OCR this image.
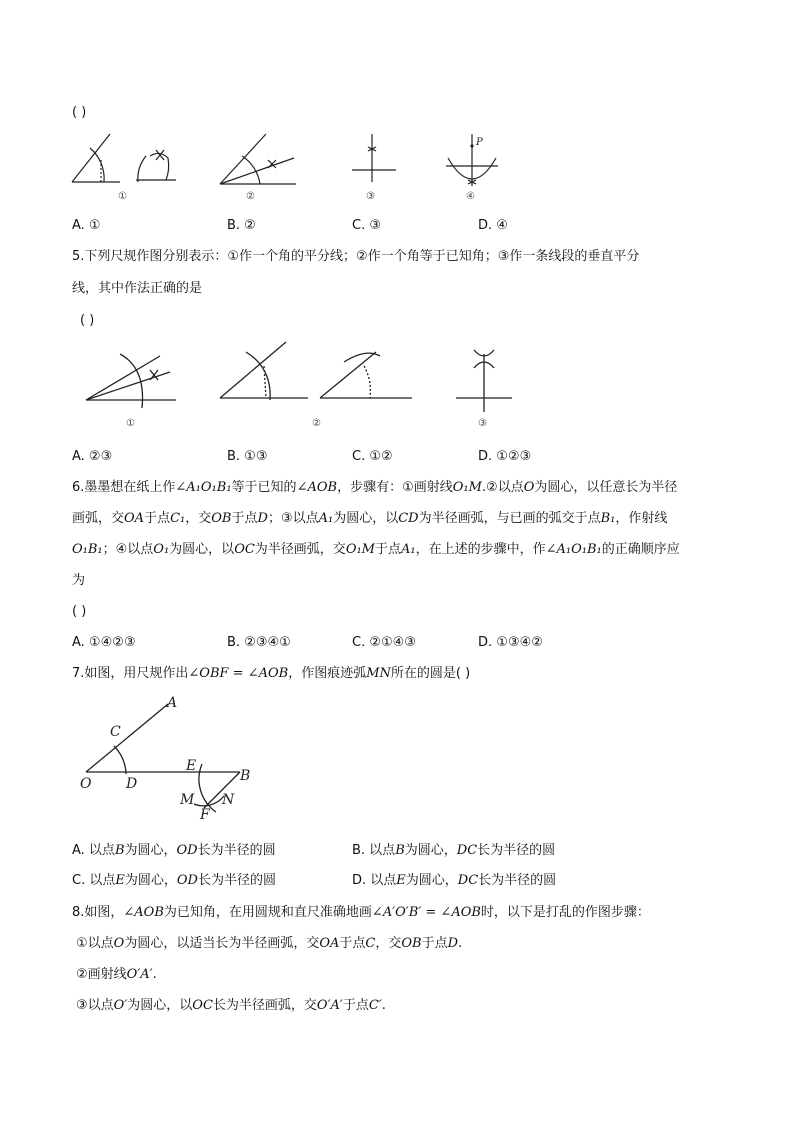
( )
①	②	③
P
④
A. ①	B. ②	C. ③	D. ④
5.下列尺规作图分别表示：①作一个角的平分线；②作一个角等于已知角；③作一条线段的垂直平分
线，其中作法正确的是
( )
①	②	③
A. ②③	B. ①③	C. ①②	D. ①②③
6.墨墨想在纸上作∠A₁O₁B₁等于已知的∠AOB，步骤有：①画射线O₁M.②以点O为圆心，以任意长为半径
画弧，交OA于点C₁，交OB于点D；③以点A₁为圆心，以CD为半径画弧，与已画的弧交于点B₁，作射线
O₁B₁；④以点O₁为圆心，以OC为半径画弧，交O₁M于点A₁，在上述的步骤中，作∠A₁O₁B₁的正确顺序应
为
( )
A. ①④②③	B. ②③④①	C. ②①④③	D. ①③④②
7.如图，用尺规作出∠OBF = ∠AOB，作图痕迹弧MN所在的圆是( )
A
C
O D
E
B
M N
F
A. 以点B为圆心，OD长为半径的圆	B. 以点B为圆心，DC长为半径的圆
C. 以点E为圆心，OD长为半径的圆	D. 以点E为圆心，DC长为半径的圆
8.如图，∠AOB为已知角，在用圆规和直尺准确地画∠A′O′B′ = ∠AOB时，以下是打乱的作图步骤：
①以点O为圆心，以适当长为半径画弧，交OA于点C，交OB于点D.
②画射线O′A′.
③以点O′为圆心，以OC长为半径画弧，交O′A′于点C′.
